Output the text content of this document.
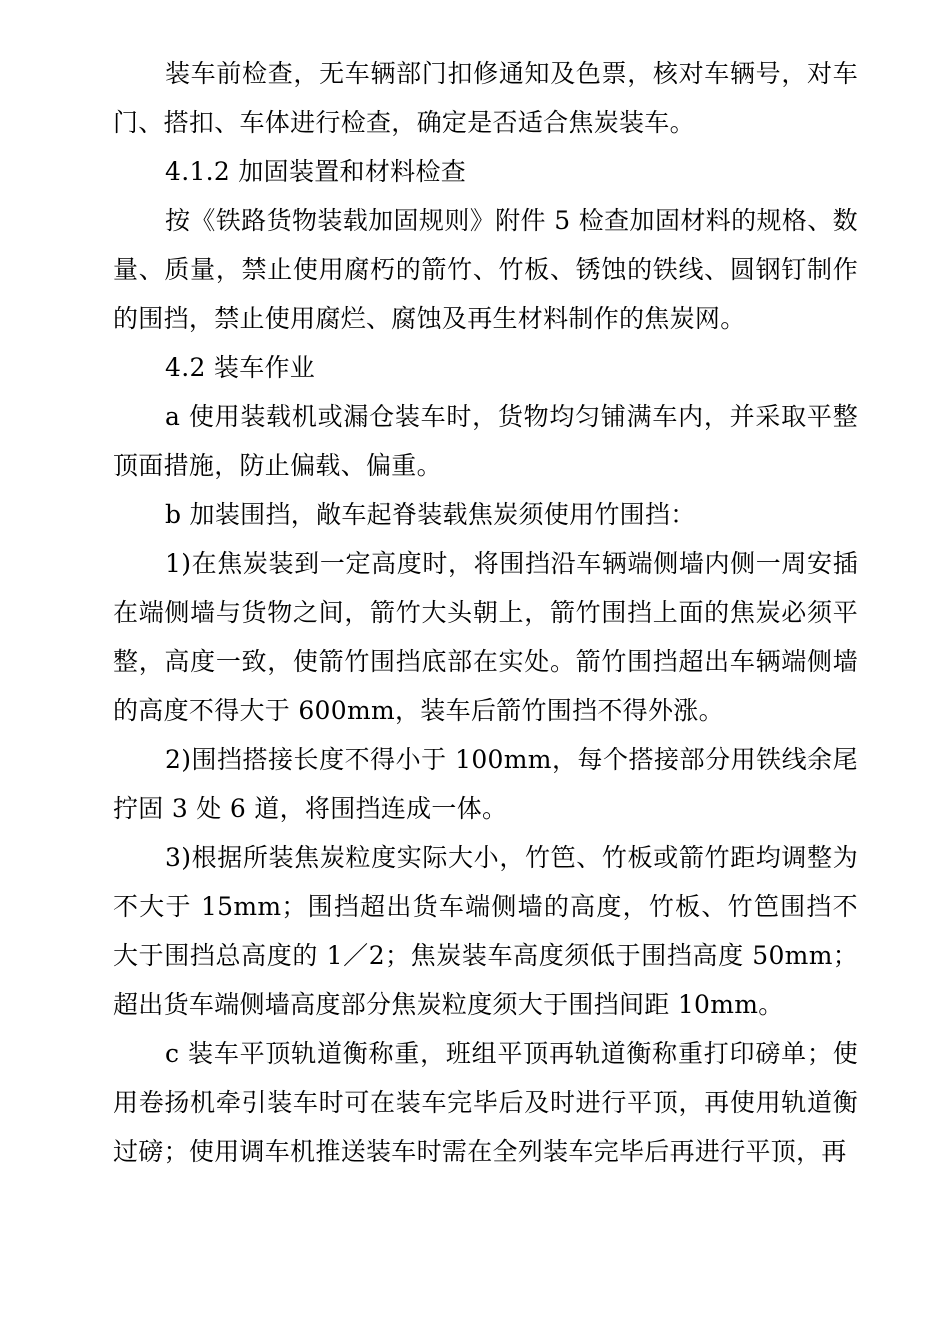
装车前检查，无车辆部门扣修通知及色票，核对车辆号，对车门、搭扣、车体进行检查，确定是否适合焦炭装车。

4.1.2 加固装置和材料检查

按《铁路货物装载加固规则》附件 5 检查加固材料的规格、数量、质量，禁止使用腐朽的箭竹、竹板、锈蚀的铁线、圆钢钉制作的围挡，禁止使用腐烂、腐蚀及再生材料制作的焦炭网。

4.2 装车作业

a 使用装载机或漏仓装车时，货物均匀铺满车内，并采取平整顶面措施，防止偏载、偏重。

b 加装围挡，敞车起脊装载焦炭须使用竹围挡：

1)在焦炭装到一定高度时，将围挡沿车辆端侧墙内侧一周安插在端侧墙与货物之间，箭竹大头朝上，箭竹围挡上面的焦炭必须平整，高度一致，使箭竹围挡底部在实处。箭竹围挡超出车辆端侧墙的高度不得大于 600mm，装车后箭竹围挡不得外涨。

2)围挡搭接长度不得小于 100mm，每个搭接部分用铁线余尾拧固 3 处 6 道，将围挡连成一体。

3)根据所装焦炭粒度实际大小，竹笆、竹板或箭竹距均调整为不大于 15mm；围挡超出货车端侧墙的高度，竹板、竹笆围挡不大于围挡总高度的 1／2；焦炭装车高度须低于围挡高度 50mm；超出货车端侧墙高度部分焦炭粒度须大于围挡间距 10mm。

c 装车平顶轨道衡称重，班组平顶再轨道衡称重打印磅单；使用卷扬机牵引装车时可在装车完毕后及时进行平顶，再使用轨道衡过磅；使用调车机推送装车时需在全列装车完毕后再进行平顶，再
